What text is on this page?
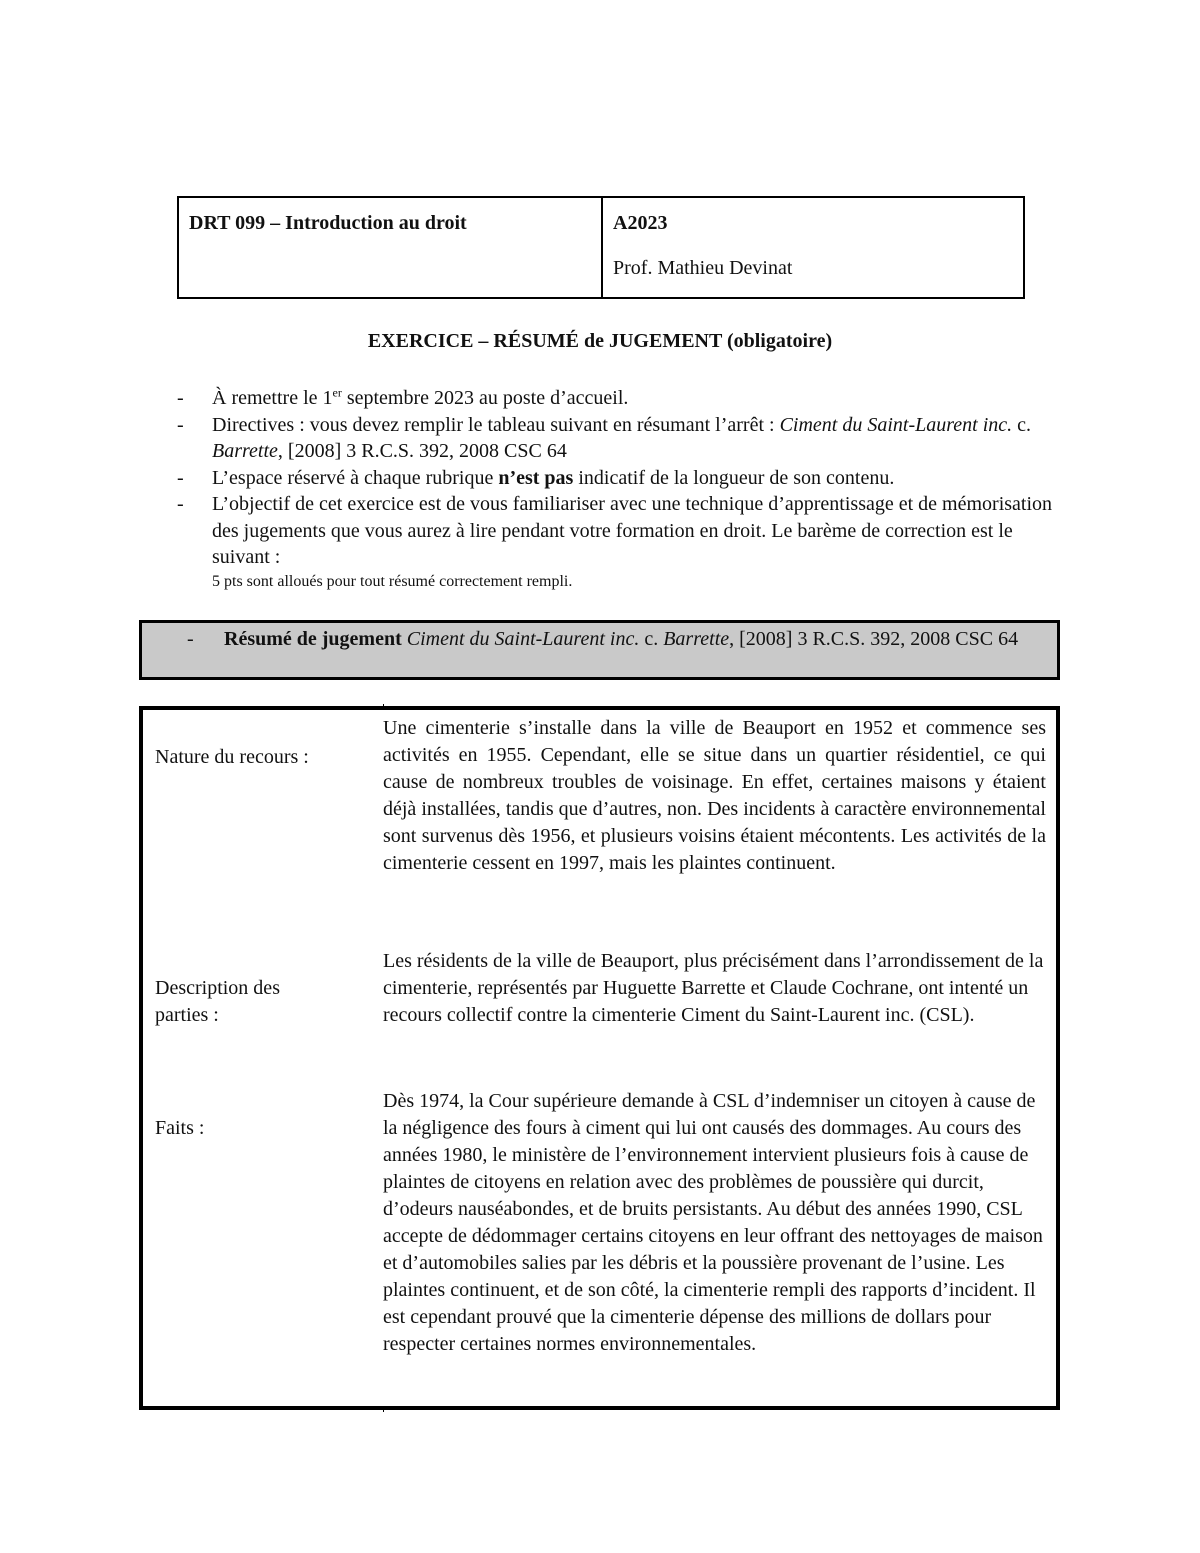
DRT 099 – Introduction au droit	A2023
Prof. Mathieu Devinat
EXERCICE – RÉSUMÉ de JUGEMENT (obligatoire)
-	À remettre le 1er septembre 2023 au poste d’accueil.
-	Directives : vous devez remplir le tableau suivant en résumant l’arrêt : Ciment du Saint-Laurent inc. c. Barrette, [2008] 3 R.C.S. 392, 2008 CSC 64
-	L’espace réservé à chaque rubrique n’est pas indicatif de la longueur de son contenu.
-	L’objectif de cet exercice est de vous familiariser avec une technique d’apprentissage et de mémorisation des jugements que vous aurez à lire pendant votre formation en droit. Le barème de correction est le suivant :
5 pts sont alloués pour tout résumé correctement rempli.
-	Résumé de jugement Ciment du Saint-Laurent inc. c. Barrette, [2008] 3 R.C.S. 392, 2008 CSC 64
Nature du recours :
Une cimenterie s’installe dans la ville de Beauport en 1952 et commence ses activités en 1955. Cependant, elle se situe dans un quartier résidentiel, ce qui cause de nombreux troubles de voisinage. En effet, certaines maisons y étaient déjà installées, tandis que d’autres, non. Des incidents à caractère environnemental sont survenus dès 1956, et plusieurs voisins étaient mécontents. Les activités de la cimenterie cessent en 1997, mais les plaintes continuent.
Description des parties :
Les résidents de la ville de Beauport, plus précisément dans l’arrondissement de la cimenterie, représentés par Huguette Barrette et Claude Cochrane, ont intenté un recours collectif contre la cimenterie Ciment du Saint-Laurent inc. (CSL).
Faits :
Dès 1974, la Cour supérieure demande à CSL d’indemniser un citoyen à cause de la négligence des fours à ciment qui lui ont causés des dommages. Au cours des années 1980, le ministère de l’environnement intervient plusieurs fois à cause de plaintes de citoyens en relation avec des problèmes de poussière qui durcit, d’odeurs nauséabondes, et de bruits persistants. Au début des années 1990, CSL accepte de dédommager certains citoyens en leur offrant des nettoyages de maison et d’automobiles salies par les débris et la poussière provenant de l’usine. Les plaintes continuent, et de son côté, la cimenterie rempli des rapports d’incident. Il est cependant prouvé que la cimenterie dépense des millions de dollars pour respecter certaines normes environnementales.
